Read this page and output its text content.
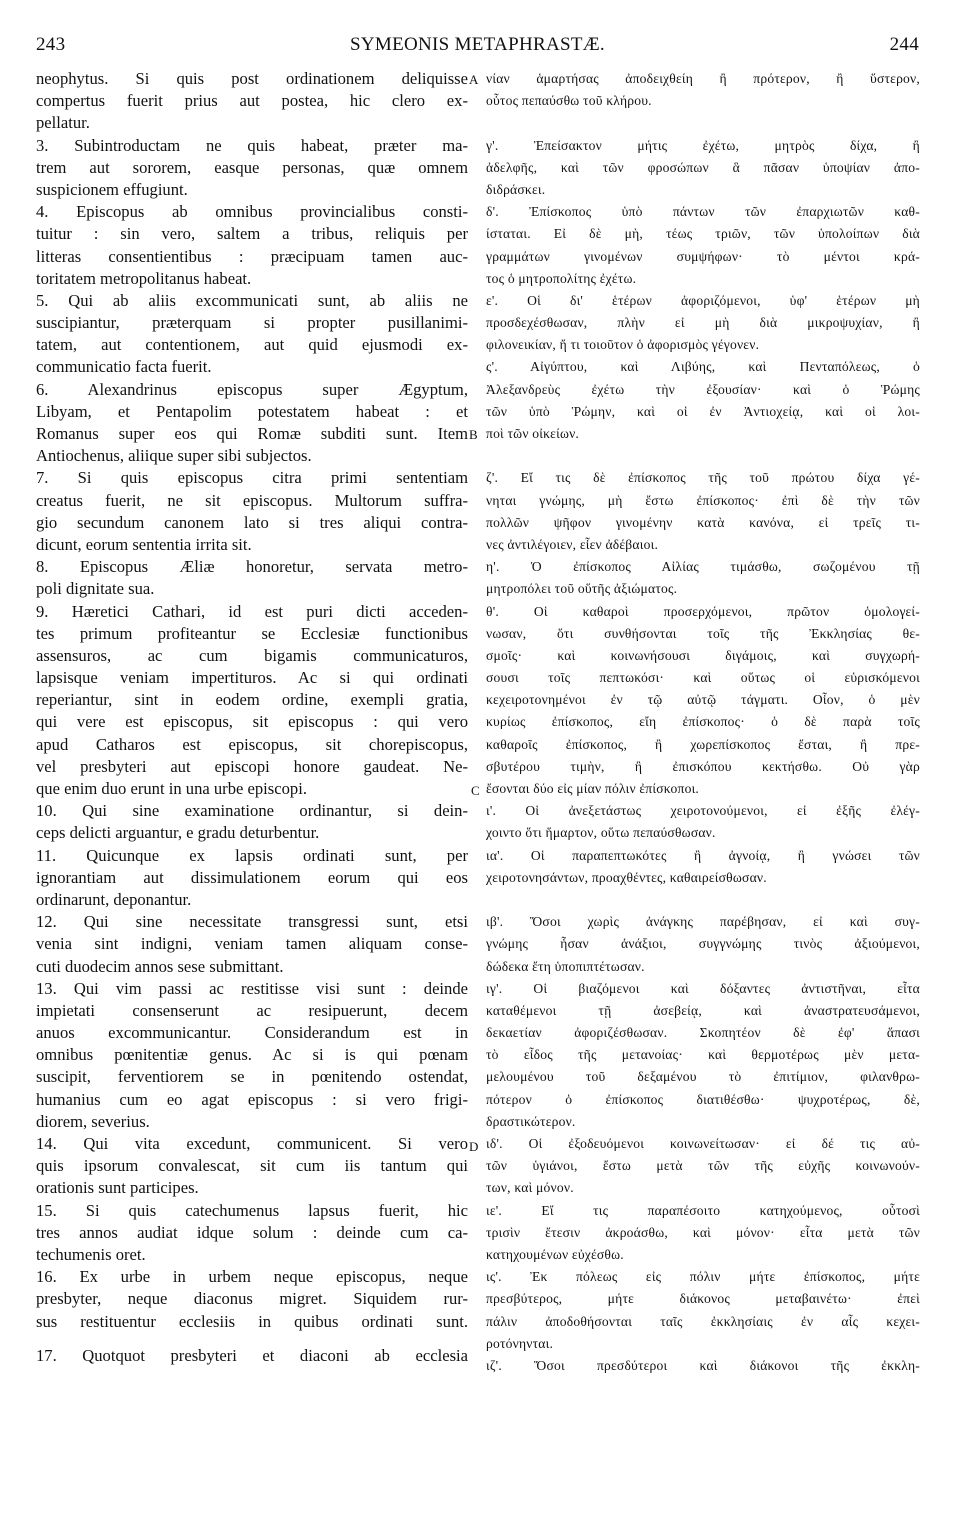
243	SYMEONIS METAPHRASTÆ.	244
neophytus. Si quis post ordinationem deliquisse
compertus fuerit prius aut postea, hic clero ex-
pellatur.
3. Subintroductam ne quis habeat, præter ma-
trem aut sororem, easque personas, quæ omnem
suspicionem effugiunt.
4. Episcopus ab omnibus provincialibus consti-
tuitur : sin vero, saltem a tribus, reliquis per
litteras consentientibus : præcipuam tamen auc-
toritatem metropolitanus habeat.
5. Qui ab aliis excommunicati sunt, ab aliis ne
suscipiantur, præterquam si propter pusillanimi-
tatem, aut contentionem, aut quid ejusmodi ex-
communicatio facta fuerit.
6. Alexandrinus episcopus super Ægyptum,
Libyam, et Pentapolim potestatem habeat : et
Romanus super eos qui Romæ subditi sunt. Item
Antiochenus, aliique super sibi subjectos.
7. Si quis episcopus citra primi sententiam
creatus fuerit, ne sit episcopus. Multorum suffra-
gio secundum canonem lato si tres aliqui contra-
dicunt, eorum sententia irrita sit.
8. Episcopus Æliæ honoretur, servata metro-
poli dignitate sua.
9. Hæretici Cathari, id est puri dicti acceden-
tes primum profiteantur se Ecclesiæ functionibus
assensuros, ac cum bigamis communicaturos,
lapsisque veniam impertituros. Ac si qui ordinati
reperiantur, sint in eodem ordine, exempli gratia,
qui vere est episcopus, sit episcopus : qui vero
apud Catharos est episcopus, sit chorepiscopus,
vel presbyteri aut episcopi honore gaudeat. Ne-
que enim duo erunt in una urbe episcopi.
10. Qui sine examinatione ordinantur, si dein-
ceps delicti arguantur, e gradu deturbentur.
11. Quicunque ex lapsis ordinati sunt, per
ignorantiam aut dissimulationem eorum qui eos
ordinarunt, deponantur.
12. Qui sine necessitate transgressi sunt, etsi
venia sint indigni, veniam tamen aliquam conse-
cuti duodecim annos sese submittant.
13. Qui vim passi ac restitisse visi sunt : deinde
impietati consenserunt ac resipuerunt, decem
anuos excommunicantur. Considerandum est in
omnibus pœnitentiæ genus. Ac si is qui pœnam
suscipit, ferventiorem se in pœnitendo ostendat,
humanius cum eo agat episcopus : si vero frigi-
diorem, severius.
14. Qui vita excedunt, communicent. Si vero
quis ipsorum convalescat, sit cum iis tantum qui
orationis sunt participes.
15. Si quis catechumenus lapsus fuerit, hic
tres annos audiat idque solum : deinde cum ca-
techumenis oret.
16. Ex urbe in urbem neque episcopus, neque
presbyter, neque diaconus migret. Siquidem rur-
sus restituentur ecclesiis in quibus ordinati sunt.
17. Quotquot presbyteri et diaconi ab ecclesia
νίαν ἁμαρτήσας ἀποδειχθείη ἢ πρότερον, ἢ ὕστερον,
οὗτος πεπαύσθω τοῦ κλήρου.
γ'. Ἐπείσακτον μήτις ἐχέτω, μητρὸς δίχα, ἢ
ἀδελφῆς, καὶ τῶν φροσώπων ἃ πᾶσαν ὑποψίαν ἀπο-
διδράσκει.
δ'. Ἐπίσκοπος ὑπὸ πάντων τῶν ἐπαρχιωτῶν καθ-
ίσταται. Εἰ δὲ μὴ, τέως τριῶν, τῶν ὑπολοίπων διὰ
γραμμάτων γινομένων συμψήφων· τὸ μέντοι κρά-
τος ὁ μητροπολίτης ἐχέτω.
ε'. Οἱ δι' ἑτέρων ἀφοριζόμενοι, ὑφ' ἑτέρων μὴ
προσδεχέσθωσαν, πλὴν εἰ μὴ διὰ μικροψυχίαν, ἢ
φιλονεικίαν, ἤ τι τοιοῦτον ὁ ἀφορισμὸς γέγονεν.
ς'. Αἰγύπτου, καὶ Λιβύης, καὶ Πενταπόλεως, ὁ
Ἀλεξανδρεὺς ἐχέτω τὴν ἐξουσίαν· καὶ ὁ Ῥώμης
τῶν ὑπὸ Ῥώμην, καὶ οἱ ἐν Ἀντιοχείᾳ, καὶ οἱ λοι-
ποὶ τῶν οἰκείων.
ζ'. Εἴ τις δὲ ἐπίσκοπος τῆς τοῦ πρώτου δίχα γέ-
νηται γνώμης, μὴ ἔστω ἐπίσκοπος· ἐπὶ δὲ τὴν τῶν
πολλῶν ψῆφον γινομένην κατὰ κανόνα, εἰ τρεῖς τι-
νες ἀντιλέγοιεν, εἶεν ἀδέβαιοι.
η'. Ὁ ἐπίσκοπος Αἰλίας τιμάσθω, σωζομένου τῇ
μητροπόλει τοῦ οὕτῆς ἀξιώματος.
θ'. Οἱ καθαροὶ προσερχόμενοι, πρῶτον ὁμολογεί-
νωσαν, ὅτι συνθήσονται τοῖς τῆς Ἐκκλησίας θε-
σμοῖς· καὶ κοινωνήσουσι διγάμοις, καὶ συγχωρή-
σουσι τοῖς πεπτωκόσι· καὶ οὕτως οἱ εὑρισκόμενοι
κεχειροτονημένοι ἐν τῷ αὐτῷ τάγματι. Οἷον, ὁ μὲν
κυρίως ἐπίσκοπος, εἴη ἐπίσκοπος· ὁ δὲ παρὰ τοῖς
καθαροῖς ἐπίσκοπος, ἢ χωρεπίσκοπος ἔσται, ἢ πρε-
σβυτέρου τιμὴν, ἢ ἐπισκόπου κεκτήσθω. Οὐ γὰρ
ἔσονται δύο εἰς μίαν πόλιν ἐπίσκοποι.
ι'. Οἱ ἀνεξετάστως χειροτονούμενοι, εἰ ἐξῆς ἐλέγ-
χοιντο ὅτι ἥμαρτον, οὕτω πεπαύσθωσαν.
ια'. Οἱ παραπεπτωκότες ἢ ἀγνοίᾳ, ἢ γνώσει τῶν
χειροτονησάντων, προαχθέντες, καθαιρείσθωσαν.
ιβ'. Ὅσοι χωρὶς ἀνάγκης παρέβησαν, εἰ καὶ συγ-
γνώμης ἦσαν ἀνάξιοι, συγγνώμης τινὸς ἀξιούμενοι,
δώδεκα ἔτη ὑποπιπτέτωσαν.
ιγ'. Οἱ βιαζόμενοι καὶ δόξαντες ἀντιστῆναι, εἶτα
καταθέμενοι τῇ ἀσεβείᾳ, καὶ ἀναστρατευσάμενοι,
δεκαετίαν ἀφοριζέσθωσαν. Σκοπητέον δὲ ἐφ' ἅπασι
τὸ εἶδος τῆς μετανοίας· καὶ θερμοτέρως μὲν μετα-
μελουμένου τοῦ δεξαμένου τὸ ἐπιτίμιον, φιλανθρω-
πότερον ὁ ἐπίσκοπος διατιθέσθω· ψυχροτέρως, δὲ,
δραστικώτερον.
ιδ'. Οἱ ἐξοδευόμενοι κοινωνείτωσαν· εἰ δέ τις αὐ-
τῶν ὑγιάνοι, ἔστω μετὰ τῶν τῆς εὐχῆς κοινωνούν-
των, καὶ μόνον.
ιε'. Εἴ τις παραπέσοιτο κατηχούμενος, οὗτοσὶ
τρισὶν ἔτεσιν ἀκροάσθω, καὶ μόνον· εἶτα μετὰ τῶν
κατηχουμένων εὐχέσθω.
ις'. Ἐκ πόλεως εἰς πόλιν μήτε ἐπίσκοπος, μήτε
πρεσβύτερος, μήτε διάκονος μεταβαινέτω· ἐπεὶ
πάλιν ἀποδοθήσονται ταῖς ἐκκλησίαις ἐν αἷς κεχει-
ροτόνηνται.
ιζ'. Ὅσοι πρεσδύτεροι καὶ διάκονοι τῆς ἐκκλη-
A
B
C
D
